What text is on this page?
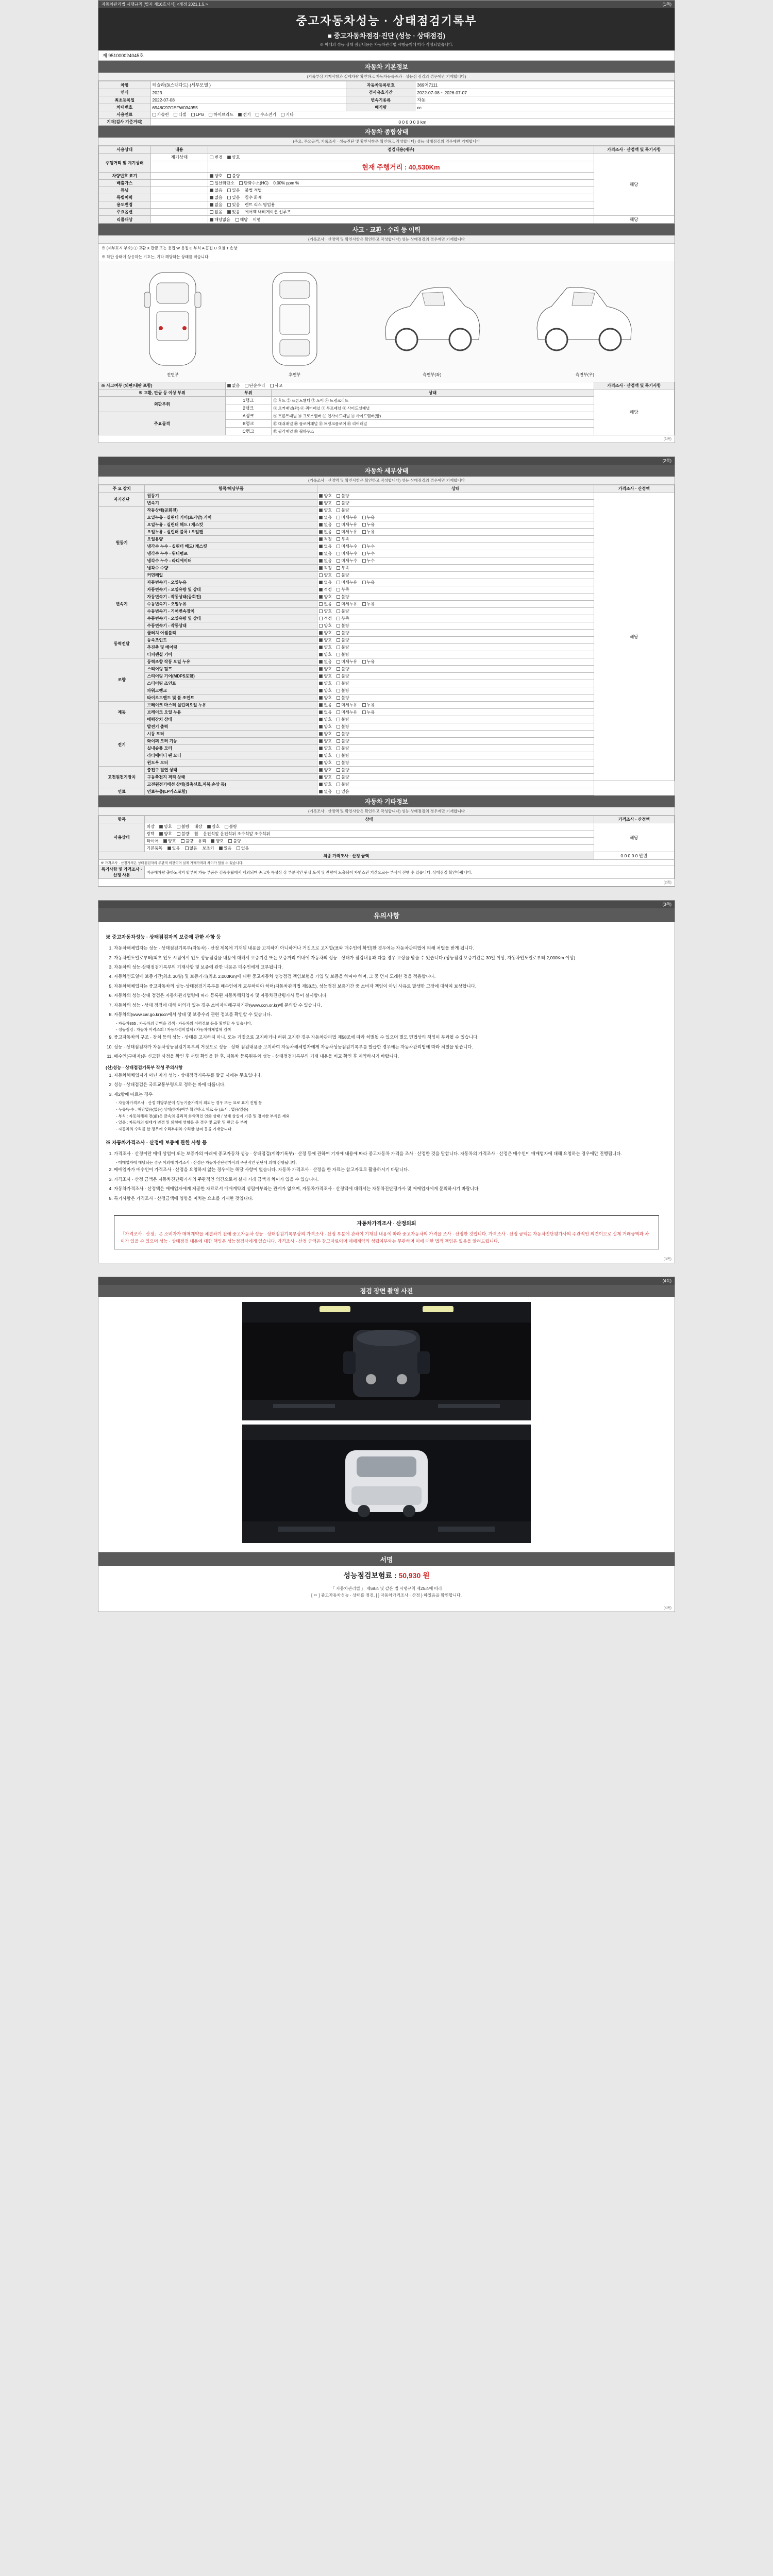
자동차관리법 시행규칙 [별지 제16호서식] <개정 2021.1.5.>	(1쪽)
중고자동차성능 · 상태점검기록부
■ 중고자동차점검·진단 (성능 · 상태점검)
※ 아래의 성능·상태 점검내용은 자동차관리법 시행규칙에 따라 작성되었습니다.
제 951000024045호
자동차 기본정보
(기록부상 기재사항과 실제차량 확인하고 자동차등록증과 · 성능점 점검의 경우에만 기재합니다)
차명	테슬라(3/스탠다드) (세부모델 )	자동차등록번호	369어7111
연식	2023	검사유효기간	2022-07-08 ~ 2026-07-07
최초등록일	2022-07-08	변속기종류	자동
차대번호	6948C97GEFW034955	배기량	cc
사용연료	가솔린 디젤 LPG 하이브리드 전기 수소전기 기타		
기재(검사 기준거리)	0 0 0 0 0 0 km		
자동차 종합상태
(주요, 주요골격, 기록조사 · 성능진단 및 확인사항은 확인하고 작성합니다) 성능·상태점검의 경우에만 기재합니다
사용상태	내용	점검내용(세부)	가격조사 · 산정액 및 특기사항
주행거리 및 계기상태	계기상태	변경 양호	해당
		현재 주행거리 : 40,530Km	
차량번호 표기		양호 불량	
배출가스		일산화탄소 탄화수소(HC) 0.00% ppm %	
튜닝		없음 있음 불법 적법	
특별이력		없음 있음 침수 화재	
용도변경		없음 있음 렌트 리스 영업용	
주요옵션		없음 있음 에어백 내비게이션 선루프	
리콜대상		해당없음 해당 이행	해당
사고 · 교환 · 수리 등 이력
(기록조사 · 산정액 및 확인사항은 확인하고 작성합니다) 성능·상태점검의 경우에만 기재합니다
※ (세부표시 부호) ① 교환 X 판금 또는 용접 W 용접 C 부식 A 흠집 U 요철 T 손상
※ 하단 상태에 상응하는 기호는, 기타 해당하는 상태를 적습니다.
전면부	후면부	측면부(좌)	측면부(우)
※ 사고여부 (외판/내판 포함)	없음 단순수리 사고		가격조사 · 산정액 및 특기사항
※ 교환, 판금 등 이상 부위	부위	상태	해당
외판부위	1랭크	① 후드 ② 프론트휀더 ③ 도어 ④ 트렁크리드	
	2랭크	⑤ 로커패널(좌) ⑥ 쿼터패널 ⑦ 루프패널 ⑧ 사이드실패널	
주요골격	A랭크	⑨ 프론트패널 ⑩ 크로스멤버 ⑪ 인사이드패널 ⑫ 사이드멤버(앞)	
	B랭크	⑬ 대쉬패널 ⑭ 플로어패널 ⑮ 트렁크플로어 ⑯ 리어패널	
	C랭크	⑰ 필러패널 ⑱ 휠하우스	
(1쪽)
(2쪽)
자동차 세부상태
(기록조사 · 산정액 및 확인사항은 확인하고 작성합니다) 성능·상태점검의 경우에만 기재합니다
주 요 장치	항목/해당부품	상태	가격조사 · 산정액
자기진단	원동기	양호 불량	해당
	변속기	양호 불량	
원동기	작동상태(공회전)	양호 불량	
	오일누유 - 실린더 커버(로커암) 커버	없음 미세누유 누유	
	오일누유 - 실린더 헤드 / 개스킷	없음 미세누유 누유	
	오일누유 - 실린더 블록 / 오일팬	없음 미세누유 누유	
	오일유량	적정 부족	
	냉각수 누수 - 실린더 헤드/ 개스킷	없음 미세누수 누수	
	냉각수 누수 - 워터펌프	없음 미세누수 누수	
	냉각수 누수 - 라디에이터	없음 미세누수 누수	
	냉각수 수량	적정 부족	
	커먼레일	양호 불량	
변속기	자동변속기 - 오일누유	없음 미세누유 누유	
	자동변속기 - 오일유량 및 상태	적정 부족	
	자동변속기 - 작동상태(공회전)	양호 불량	
	수동변속기 - 오일누유	없음 미세누유 누유	
	수동변속기 - 기어변속장치	양호 불량	
	수동변속기 - 오일유량 및 상태	적정 부족	
	수동변속기 - 작동상태	양호 불량	
동력전달	클러치 어셈블리	양호 불량	
	등속조인트	양호 불량	
	추진축 및 베어링	양호 불량	
	디퍼렌셜 기어	양호 불량	
조향	동력조향 작동 오일 누유	없음 미세누유 누유	
	스티어링 펌프	양호 불량	
	스티어링 기어(MDPS포함)	양호 불량	
	스티어링 조인트	양호 불량	
	파워크랭크	양호 불량	
	타이로드엔드 및 볼 조인트	양호 불량	
제동	브레이크 마스터 실린더오일 누유	없음 미세누유 누유	
	브레이크 오일 누유	없음 미세누유 누유	
	배력장치 상태	양호 불량	
전기	발전기 출력	양호 불량	
	시동 모터	양호 불량	
	와이퍼 모터 기능	양호 불량	
	실내송풍 모터	양호 불량	
	라디에이터 팬 모터	양호 불량	
	윈도우 모터	양호 불량	
고전원전기장치	충전구 절연 상태	양호 불량	
	구동축전지 격리 상태	양호 불량	
	고전원전기배선 상태(접촉신호,피복,손상 등)	양호 불량	
연료	연료누출(LP가스포함)	없음 있음	
자동차 기타정보
(기록조사 · 산정액 및 확인사항은 확인하고 작성합니다) 성능·상태점검의 경우에만 기재합니다
항목	상태	가격조사 · 산정액
사용상태	외장 양호 불량 내장 양호 불량	해당
	광택 양호 불량 휠 운전석앞 운전석뒤 조수석앞 조수석뒤	
	타이어 양호 불량 유리 양호 불량	
	기본품목 있음 없음 보조키 있음 없음	
최종 가격조사 · 산정 금액		0 0 0 0 0 만원
※ 가격조사 · 산정가격은 상태점검자의 주관적 의견이며 실제 거래가격과 차이가 있을 수 있습니다.		
특기사항 및 가격조사 · 산정 사유	비공해차량 출하노적지 탈부착 가능 부품은 검증수립에서 제외되며 중고차 특성상 상 부분적인 원상 도색 및 잔량이 노출되어 자연스런 기간으로는 부식이 진행 수 있습니다. 상태점검 확인바랍니다.	
(2쪽)
(3쪽)
유의사항
※ 중고자동차성능 · 상태점검자의 보증에 관한 사항 등
1. 자동차해체업자는 성능 · 상태점검기록부(자동차) · 산정 제목에 기재된 내용을 고지하지 아니하거나 거짓으로 고지할(표와 매수인에 확인)한 경우에는 자동차관리법에 의해 처벌을 받게 됩니다.
2. 자동차인도일로부터(최초 인도 시점에서 인도 성능점검을 내용에 대해서 보증기간 또는 보증거리 이내에 자동차의 성능 · 상태가 점검내용과 다를 경우 보상을 받을 수 있습니다.(성능점검 보증기간은 30일 이상, 자동차인도일로부터 2,000Km 이상)
3. 자동차의 성능·상태점검기록부의 기재사항 및 보증에 관한 내용은 매수인에게 교부됩니다.
4. 자동차인도일에 보증기간(최소 30일) 및 보증거리(최소 2,000Km)에 대한 중고자동차 성능점검 책임보험을 가입 및 보증을 하여야 하며, 그 중 먼저 도래한 것을 적용합니다.
5. 자동차해체업자는 중고자동차의 성능·상태점검기록부를 매수인에게 교부하여야 하며(자동차관리법 제58조), 성능점검 보증기간 중 소비자 책임이 아닌 사유로 발생한 고장에 대하여 보상합니다.
6. 자동차의 성능·상태 점검은 자동차관리법령에 따라 등록된 자동차해체업자 및 자동차진단평가사 등이 실시합니다.
7. 자동차의 성능 · 상태 점검에 대해 이의가 있는 경우 소비자피해구제기관(www.ccn.or.kr)에 문의할 수 있습니다.
8. 자동차의(www.car.go.kr)ccn에서 상태 및 보증수리 관련 정보를 확인할 수 있습니다.
- 자동차365 : 자동차의 금액을 검색 · 자동차의 이력정보 등을 확인할 수 있습니다.
- 성능점검 : 자동차 이력조회 / 자동차정비업체 / 자동차해체업체 검색
9. 중고자동차의 구조 · 장치 등의 성능 · 상태를 고지하지 아니, 또는 거짓으로 고지하거나 허위 고지한 경우 자동차관리법 제58조에 따라 처벌될 수 있으며 별도 민법상의 책임이 부과될 수 있습니다.
10. 성능 · 상태점검자가 자동차성능점검기록부의 거짓으로 성능 · 상태 점검내용을 고지하여 자동차해체업자에게 자동차성능점검기록부를 발급한 경우에는 자동차관리법에 따라 처벌을 받습니다.
11. 매수인(구매자)은 신고한 사정을 확인 후 서명 확인을 한 후, 자동차 등록원부와 성능 · 상태점검기록부의 기재 내용을 비교 확인 후 계약하시기 바랍니다.
(신)성능 · 상태점검기록부 작성 주의사항
1. 자동차해체업자가 아닌 자가 성능 · 상태점검기록부를 발급 시에는 무효입니다.
2. 성능 · 상태점검은 국토교통부령으로 정하는 바에 따릅니다.
3. 제2항에 따르는 경우
- 자동차가격조사 · 산정 해당부분에 성능기준가격이 외되는 경우 또는 표로 표기 진행 등
- 누유/누수 : 해당없음(없음) 상태(하자)여부 확인하고 체크 등 (표시 : 없음/있음)
- 부식 : 자동차해체 전(前)은 금속의 물리적 화학적인 연화 상태 / 상태 상실이 기준 및 경미한 부식은 제외
- 있음 : 자동차의 형태가 변경 및 외형에 영향을 준 경우 및 교환 및 판금 등 부착
- 자동차의 수리를 한 경우에 수리부위와 수리한 날짜 등을 기재합니다.
※ 자동차가격조사 · 산정에 보증에 관한 사항 등
1. 가격조사 · 산정이란 매매 상업이 또는 보증가의 아래에 중고자동차 성능 · 상태점검(계약기록부) · 산정 등에 관하여 기재에 내용에 따라 중고자동차 가격을 조사 · 산정한 것을 말합니다. 자동차의 가격조사 · 산정은 매수인이 매매업자에 대해 요청하는 경우에만 진행됩니다.
- 매매업자에 해당되는 경우 이외에 가격조사 · 산정은 자동차진단평가사의 주관적인 판단에 의해 진행됩니다.
2. 매매업자가 매수인이 가격조사 · 산정을 요청하지 않는 경우에는 해당 사항이 없습니다. 자동차 가격조사 · 산정을 한 자료는 참고자료로 활용하시기 바랍니다.
3. 가격조사 · 산정 금액은 자동차진단평가사의 주관적인 의견으로서 실제 거래 금액과 차이가 있을 수 있습니다.
4. 자동차가격조사 · 산정액은 매매업자에게 제공한 자료로서 매매계약의 성립여부와는 관계가 없으며, 자동차가격조사 · 산정액에 대해서는 자동차진단평가사 및 매매업자에게 문의하시기 바랍니다.
5. 특기사항은 가격조사 · 산정금액에 영향을 미치는 요소를 기재한 것입니다.
자동차가격조사 · 산정의뢰
「가격조사 · 산정」은 소비자가 매매계약을 체결하기 전에 중고자동차 성능 · 상태점검기록부상의 가격조사 · 산정 부분에 관하여 기재된 내용에 따라 중고자동차의 가격을 조사 · 산정한 것입니다. 가격조사 · 산정 금액은 자동차진단평가사의 주관적인 의견이므로 실제 거래금액과 차이가 있을 수 있으며 성능 · 상태점검 내용에 대한 책임은 성능점검자에게 있습니다. 가격조사 · 산정 금액은 참고자료이며 매매계약의 성립여부와는 무관하며 이에 대한 법적 책임은 없음을 알려드립니다.
(3쪽)
(4쪽)
점검 장면 촬영 사진
서명
성능점검보험료 : 50,930 원
「 자동차관리법 」 제58조 및 같은 법 시행규칙 제25조에 따라
[ ㅇ ] 중고자동차성능 · 상태를 점검, [ ] 자동차가격조사 · 산정 } 하였음을 확인합니다.
(4쪽)
